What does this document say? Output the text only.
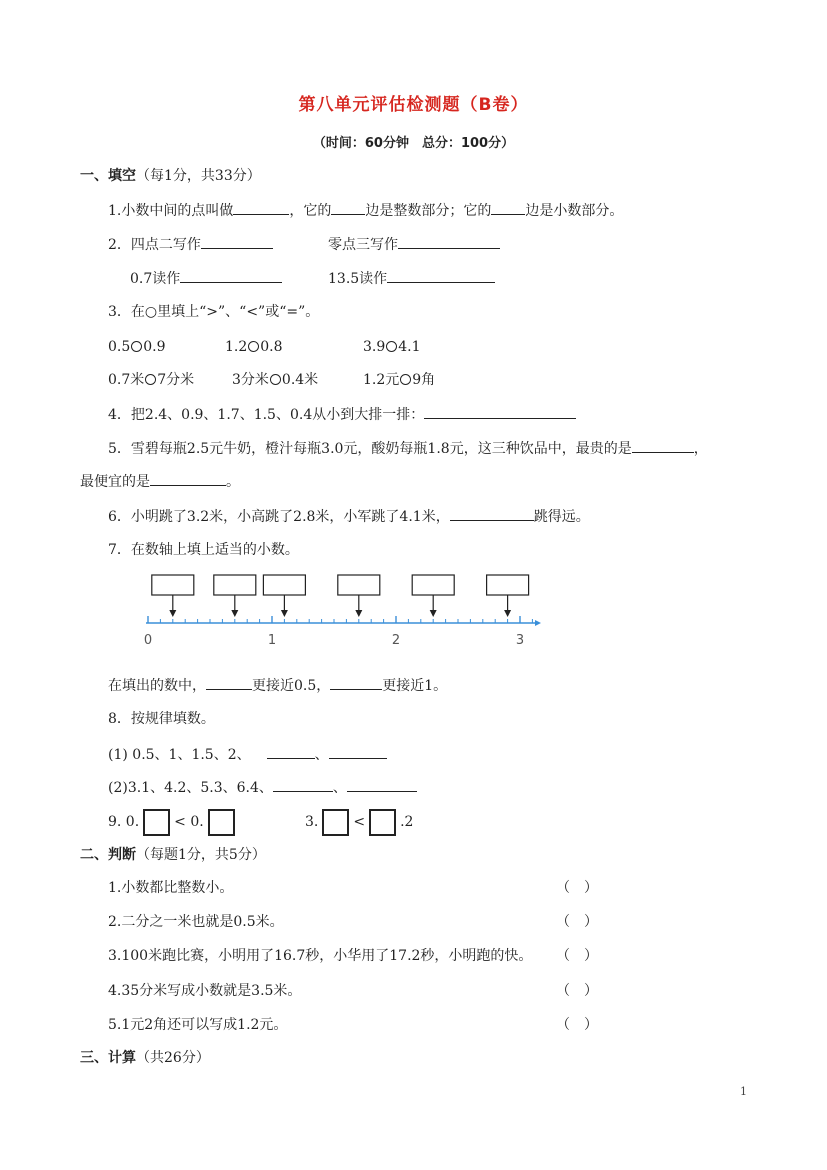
第八单元评估检测题（B卷）
（时间：60分钟　总分：100分）
一、填空（每1分，共33分）
1.小数中间的点叫做	，它的 边是整数部分；它的 边是小数部分。
2．四点二写作	零点三写作
0.7读作	13.5读作
3．在○里填上“>”、“<”或“=”。
0.5 0.9	1.2 0.8	3.9 4.1
0.7米 7分米	3分米 0.4米	1.2元 9角
4．把2.4、0.9、1.7、1.5、0.4从小到大排一排：
5．雪碧每瓶2.5元牛奶，橙汁每瓶3.0元，酸奶每瓶1.8元，这三种饮品中，最贵的是	，
最便宜的是	。
6．小明跳了3.2米，小高跳了2.8米，小军跳了4.1米，	跳得远。
7．在数轴上填上适当的小数。
0	1	2	3
在填出的数中，	更接近0.5，	更接近1。
8．按规律填数。
(1) 0.5、1、1.5、2、	、
(2)3.1、4.2、5.3、6.4、	、
9. 0.	< 0.	3.	<	.2
二、判断（每题1分，共5分）
1.小数都比整数小。	（　）
2.二分之一米也就是0.5米。	（　）
3.100米跑比赛，小明用了16.7秒，小华用了17.2秒，小明跑的快。 （　）
4.35分米写成小数就是3.5米。	（　）
5.1元2角还可以写成1.2元。	（　）
三、计算（共26分）
1
